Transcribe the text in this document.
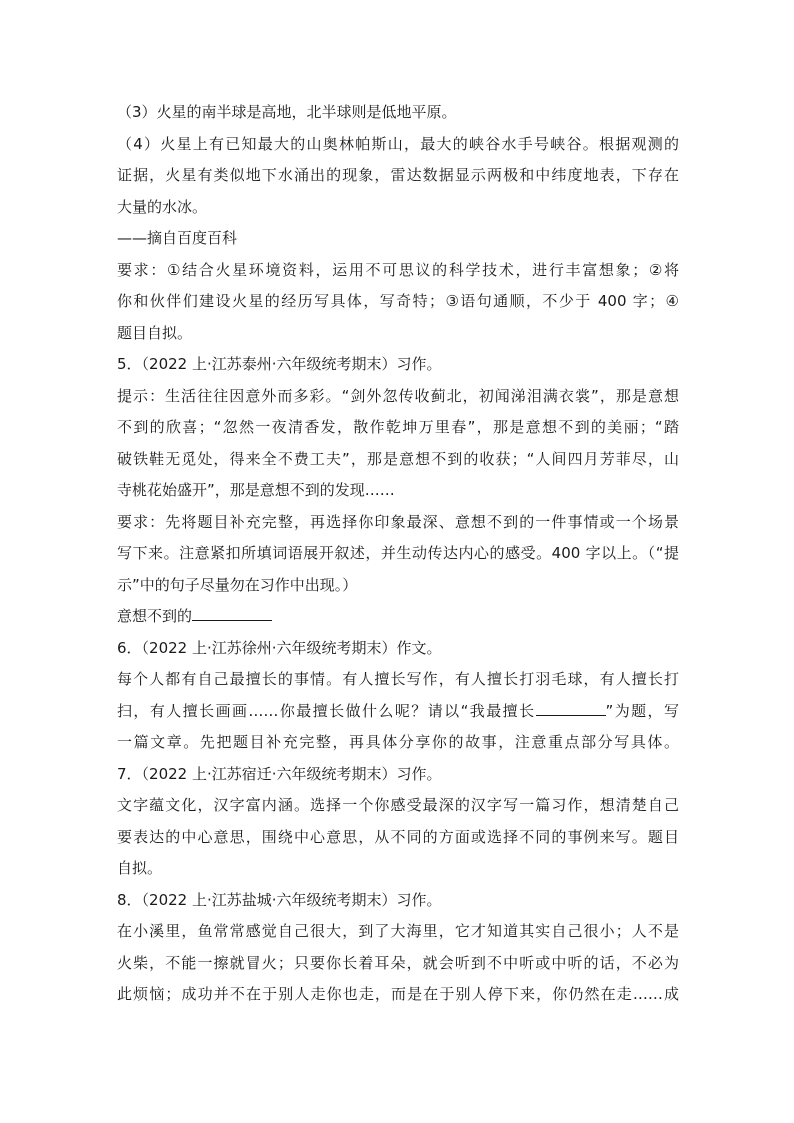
（3）火星的南半球是高地，北半球则是低地平原。
（4）火星上有已知最大的山奥林帕斯山，最大的峡谷水手号峡谷。根据观测的
证据，火星有类似地下水涌出的现象，雷达数据显示两极和中纬度地表，下存在
大量的水冰。
——摘自百度百科
要求：①结合火星环境资料，运用不可思议的科学技术，进行丰富想象；②将
你和伙伴们建设火星的经历写具体，写奇特；③语句通顺，不少于 400 字；④
题目自拟。
5．（2022 上·江苏泰州·六年级统考期末）习作。
提示：生活往往因意外而多彩。“剑外忽传收蓟北，初闻涕泪满衣裳”，那是意想
不到的欣喜；“忽然一夜清香发，散作乾坤万里春”，那是意想不到的美丽；“踏
破铁鞋无觅处，得来全不费工夫”，那是意想不到的收获；“人间四月芳菲尽，山
寺桃花始盛开”，那是意想不到的发现……
要求：先将题目补充完整，再选择你印象最深、意想不到的一件事情或一个场景
写下来。注意紧扣所填词语展开叙述，并生动传达内心的感受。400 字以上。（“提
示”中的句子尽量勿在习作中出现。）
意想不到的
6．（2022 上·江苏徐州·六年级统考期末）作文。
每个人都有自己最擅长的事情。有人擅长写作，有人擅长打羽毛球，有人擅长打
扫，有人擅长画画……你最擅长做什么呢？请以“我最擅长	”为题，写
一篇文章。先把题目补充完整，再具体分享你的故事，注意重点部分写具体。
7．（2022 上·江苏宿迁·六年级统考期末）习作。
文字蕴文化，汉字富内涵。选择一个你感受最深的汉字写一篇习作，想清楚自己
要表达的中心意思，围绕中心意思，从不同的方面或选择不同的事例来写。题目
自拟。
8．（2022 上·江苏盐城·六年级统考期末）习作。
在小溪里，鱼常常感觉自己很大，到了大海里，它才知道其实自己很小；人不是
火柴，不能一擦就冒火；只要你长着耳朵，就会听到不中听或中听的话，不必为
此烦恼；成功并不在于别人走你也走，而是在于别人停下来，你仍然在走……成
